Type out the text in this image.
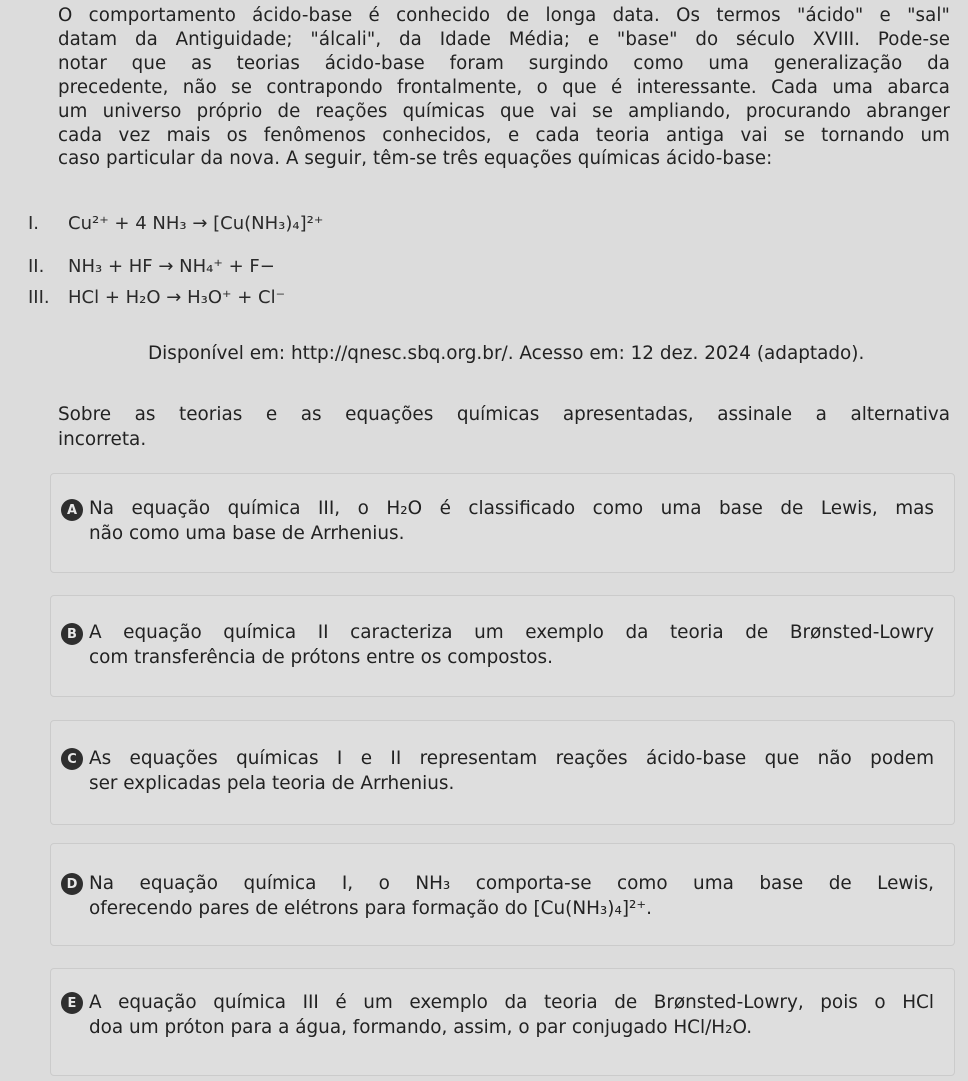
O comportamento ácido-base é conhecido de longa data. Os termos "ácido" e "sal"
datam da Antiguidade; "álcali", da Idade Média; e "base" do século XVIII. Pode-se
notar que as teorias ácido-base foram surgindo como uma generalização da
precedente, não se contrapondo frontalmente, o que é interessante. Cada uma abarca
um universo próprio de reações químicas que vai se ampliando, procurando abranger
cada vez mais os fenômenos conhecidos, e cada teoria antiga vai se tornando um
caso particular da nova. A seguir, têm-se três equações químicas ácido-base:
I. Cu²⁺ + 4 NH₃ → [Cu(NH₃)₄]²⁺
II. NH₃ + HF → NH₄⁺ + F−
III. HCl + H₂O → H₃O⁺ + Cl⁻
Disponível em: http://qnesc.sbq.org.br/. Acesso em: 12 dez. 2024 (adaptado).
Sobre as teorias e as equações químicas apresentadas, assinale a alternativa
incorreta.
A Na equação química III, o H₂O é classificado como uma base de Lewis, mas
não como uma base de Arrhenius.
B A equação química II caracteriza um exemplo da teoria de Brønsted-Lowry
com transferência de prótons entre os compostos.
C As equações químicas I e II representam reações ácido-base que não podem
ser explicadas pela teoria de Arrhenius.
D Na equação química I, o NH₃ comporta-se como uma base de Lewis,
oferecendo pares de elétrons para formação do [Cu(NH₃)₄]²⁺.
E A equação química III é um exemplo da teoria de Brønsted-Lowry, pois o HCl
doa um próton para a água, formando, assim, o par conjugado HCl/H₂O.
